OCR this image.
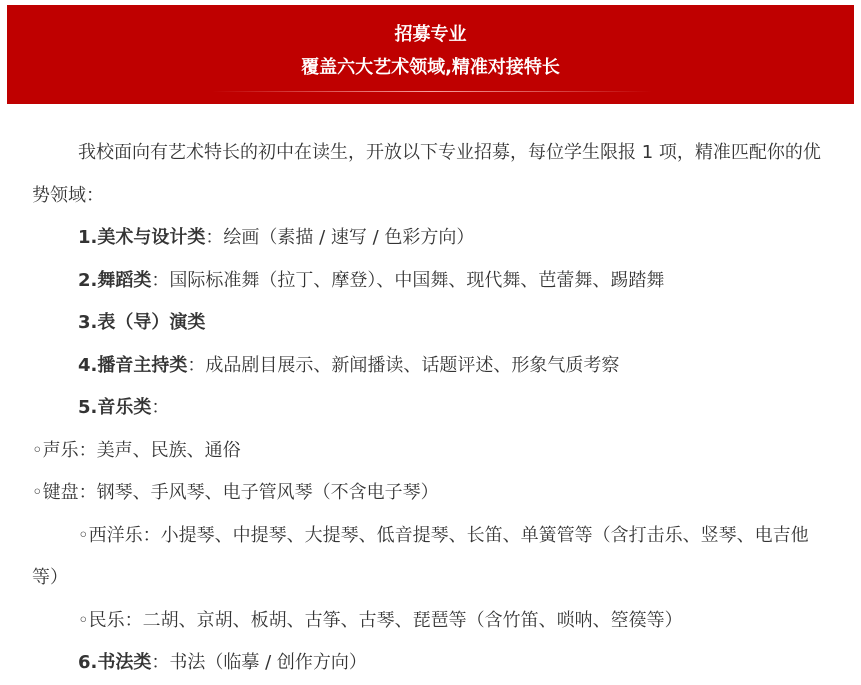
招募专业
覆盖六大艺术领域,精准对接特长

我校面向有艺术特长的初中在读生，开放以下专业招募，每位学生限报 1 项，精准匹配你的优势领域：

1.美术与设计类：绘画（素描 / 速写 / 色彩方向）

2.舞蹈类：国际标准舞（拉丁、摩登）、中国舞、现代舞、芭蕾舞、踢踏舞

3.表（导）演类

4.播音主持类：成品剧目展示、新闻播读、话题评述、形象气质考察

5.音乐类：

◦声乐：美声、民族、通俗

◦键盘：钢琴、手风琴、电子管风琴（不含电子琴）

◦西洋乐：小提琴、中提琴、大提琴、低音提琴、长笛、单簧管等（含打击乐、竖琴、电吉他等）

◦民乐：二胡、京胡、板胡、古筝、古琴、琵琶等（含竹笛、唢呐、箜篌等）

6.书法类：书法（临摹 / 创作方向）
